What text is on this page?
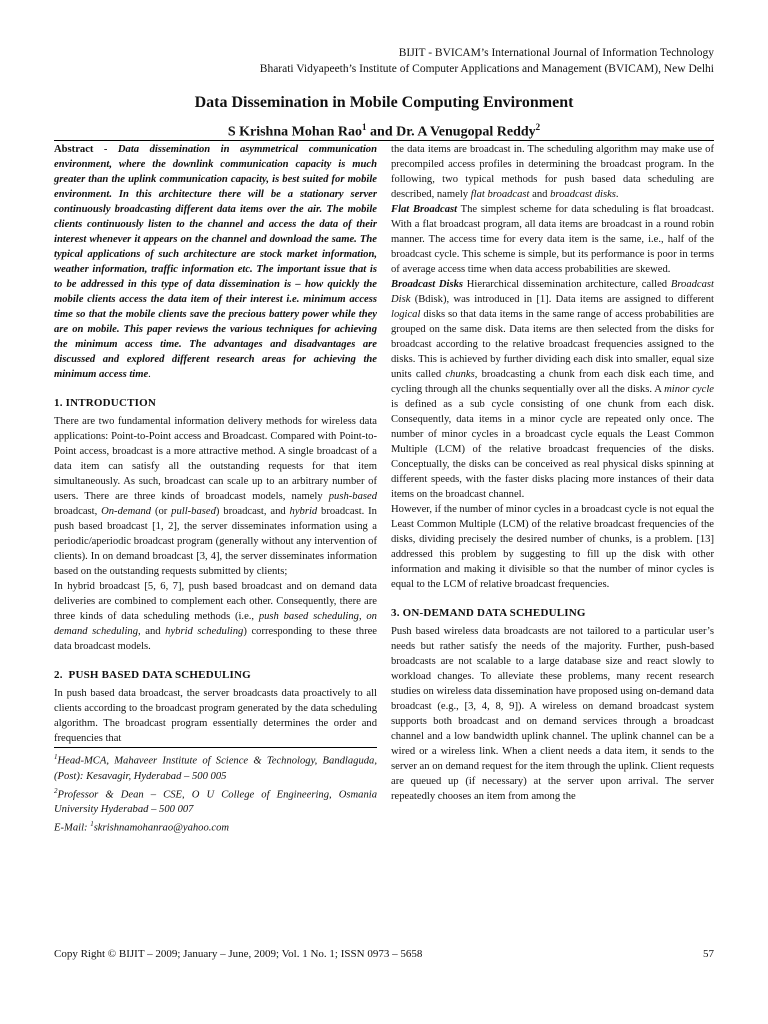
BIJIT - BVICAM’s International Journal of Information Technology
Bharati Vidyapeeth’s Institute of Computer Applications and Management (BVICAM), New Delhi
Data Dissemination in Mobile Computing Environment
S Krishna Mohan Rao$^1$ and Dr. A Venugopal Reddy$^2$

Abstract - Data dissemination in asymmetrical communication environment, where the downlink communication capacity is much greater than the uplink communication capacity, is best suited for mobile environment. In this architecture there will be a stationary server continuously broadcasting different data items over the air. The mobile clients continuously listen to the channel and access the data of their interest whenever it appears on the channel and download the same. The typical applications of such architecture are stock market information, weather information, traffic information etc. The important issue that is to be addressed in this type of data dissemination is – how quickly the mobile clients access the data item of their interest i.e. minimum access time so that the mobile clients save the precious battery power while they are on mobile. This paper reviews the various techniques for achieving the minimum access time. The advantages and disadvantages are discussed and explored different research areas for achieving the minimum access time.

1. INTRODUCTION

There are two fundamental information delivery methods for wireless data applications: Point-to-Point access and Broadcast. Compared with Point-to-Point access, broadcast is a more attractive method. A single broadcast of a data item can satisfy all the outstanding requests for that item simultaneously. As such, broadcast can scale up to an arbitrary number of users. There are three kinds of broadcast models, namely push-based broadcast, On-demand (or pull-based) broadcast, and hybrid broadcast. In push based broadcast [1, 2], the server disseminates information using a periodic/aperiodic broadcast program (generally without any intervention of clients). In on demand broadcast [3, 4], the server disseminates information based on the outstanding requests submitted by clients;

In hybrid broadcast [5, 6, 7], push based broadcast and on demand data deliveries are combined to complement each other. Consequently, there are three kinds of data scheduling methods (i.e., push based scheduling, on demand scheduling, and hybrid scheduling) corresponding to these three data broadcast models.

2.  PUSH BASED DATA SCHEDULING

In push based data broadcast, the server broadcasts data proactively to all clients according to the broadcast program generated by the data scheduling algorithm. The broadcast program essentially determines the order and frequencies that

$^1$Head-MCA, Mahaveer Institute of Science & Technology, Bandlaguda, (Post): Kesavagir, Hyderabad – 500 005

$^2$Professor & Dean – CSE, O U College of Engineering, Osmania University Hyderabad – 500 007

E-Mail: $^1$skrishnamohanrao@yahoo.com

the data items are broadcast in. The scheduling algorithm may make use of precompiled access profiles in determining the broadcast program. In the following, two typical methods for push based data scheduling are described, namely flat broadcast and broadcast disks.

Flat Broadcast The simplest scheme for data scheduling is flat broadcast. With a flat broadcast program, all data items are broadcast in a round robin manner. The access time for every data item is the same, i.e., half of the broadcast cycle. This scheme is simple, but its performance is poor in terms of average access time when data access probabilities are skewed.

Broadcast Disks Hierarchical dissemination architecture, called Broadcast Disk (Bdisk), was introduced in [1]. Data items are assigned to different logical disks so that data items in the same range of access probabilities are grouped on the same disk. Data items are then selected from the disks for broadcast according to the relative broadcast frequencies assigned to the disks. This is achieved by further dividing each disk into smaller, equal size units called chunks, broadcasting a chunk from each disk each time, and cycling through all the chunks sequentially over all the disks. A minor cycle is defined as a sub cycle consisting of one chunk from each disk. Consequently, data items in a minor cycle are repeated only once. The number of minor cycles in a broadcast cycle equals the Least Common Multiple (LCM) of the relative broadcast frequencies of the disks. Conceptually, the disks can be conceived as real physical disks spinning at different speeds, with the faster disks placing more instances of their data items on the broadcast channel.

However, if the number of minor cycles in a broadcast cycle is not equal the Least Common Multiple (LCM) of the relative broadcast frequencies of the disks, dividing precisely the desired number of chunks, is a problem. [13] addressed this problem by suggesting to fill up the disk with other information and making it divisible so that the number of minor cycles is equal to the LCM of relative broadcast frequencies.

3. ON-DEMAND DATA SCHEDULING

Push based wireless data broadcasts are not tailored to a particular user’s needs but rather satisfy the needs of the majority. Further, push-based broadcasts are not scalable to a large database size and react slowly to workload changes. To alleviate these problems, many recent research studies on wireless data dissemination have proposed using on-demand data broadcast (e.g., [3, 4, 8, 9]). A wireless on demand broadcast system supports both broadcast and on demand services through a broadcast channel and a low bandwidth uplink channel. The uplink channel can be a wired or a wireless link. When a client needs a data item, it sends to the server an on demand request for the item through the uplink. Client requests are queued up (if necessary) at the server upon arrival. The server repeatedly chooses an item from among the

Copy Right © BIJIT – 2009; January – June, 2009; Vol. 1 No. 1; ISSN 0973 – 5658	57
